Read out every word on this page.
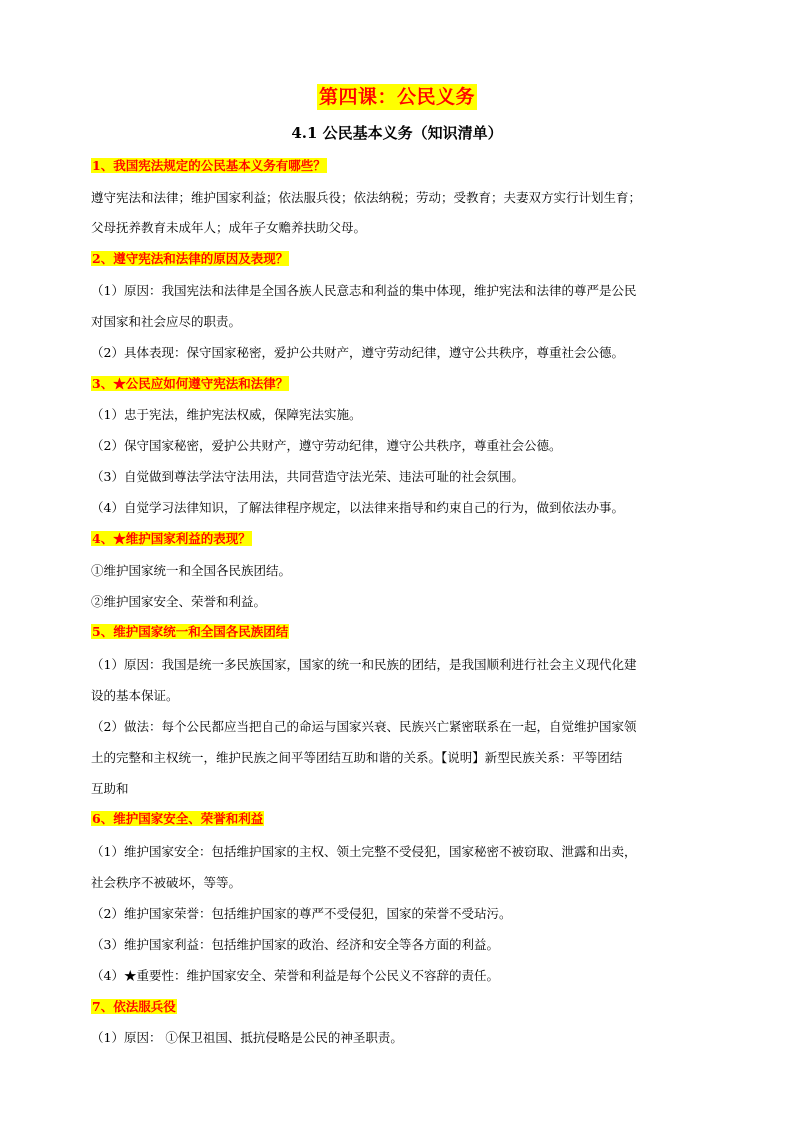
第四课：公民义务
4.1 公民基本义务（知识清单）
1、我国宪法规定的公民基本义务有哪些？
遵守宪法和法律；维护国家利益；依法服兵役；依法纳税；劳动；受教育；夫妻双方实行计划生育；
父母抚养教育未成年人；成年子女赡养扶助父母。
2、遵守宪法和法律的原因及表现？
（1）原因：我国宪法和法律是全国各族人民意志和利益的集中体现，维护宪法和法律的尊严是公民
对国家和社会应尽的职责。
（2）具体表现：保守国家秘密，爱护公共财产，遵守劳动纪律，遵守公共秩序，尊重社会公德。
3、★公民应如何遵守宪法和法律？
（1）忠于宪法，维护宪法权威，保障宪法实施。
（2）保守国家秘密，爱护公共财产，遵守劳动纪律，遵守公共秩序，尊重社会公德。
（3）自觉做到尊法学法守法用法，共同营造守法光荣、违法可耻的社会氛围。
（4）自觉学习法律知识，了解法律程序规定，以法律来指导和约束自己的行为，做到依法办事。
4、★维护国家利益的表现？
①维护国家统一和全国各民族团结。
②维护国家安全、荣誉和利益。
5、维护国家统一和全国各民族团结
（1）原因：我国是统一多民族国家，国家的统一和民族的团结，是我国顺利进行社会主义现代化建
设的基本保证。
（2）做法：每个公民都应当把自己的命运与国家兴衰、民族兴亡紧密联系在一起，自觉维护国家领
土的完整和主权统一，维护民族之间平等团结互助和谐的关系。【说明】新型民族关系：平等团结
互助和
6、维护国家安全、荣誉和利益
（1）维护国家安全：包括维护国家的主权、领土完整不受侵犯，国家秘密不被窃取、泄露和出卖，
社会秩序不被破坏，等等。
（2）维护国家荣誉：包括维护国家的尊严不受侵犯，国家的荣誉不受玷污。
（3）维护国家利益：包括维护国家的政治、经济和安全等各方面的利益。
（4）★重要性：维护国家安全、荣誉和利益是每个公民义不容辞的责任。
7、依法服兵役
（1）原因： ①保卫祖国、抵抗侵略是公民的神圣职责。
